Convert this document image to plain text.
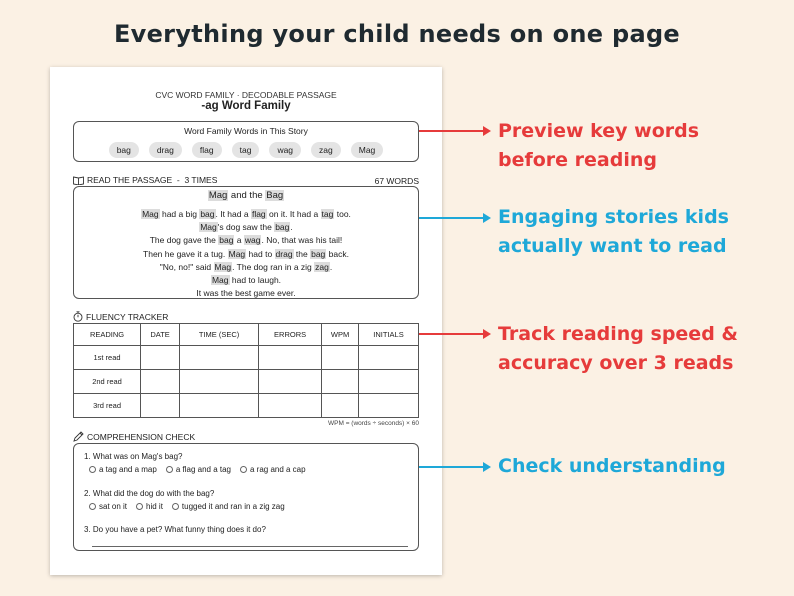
Everything your child needs on one page
CVC WORD FAMILY · DECODABLE PASSAGE
-ag Word Family
Word Family Words in This Story
bag	drag	flag	tag	wag	zag	Mag
READ THE PASSAGE  -  3 TIMES	67 WORDS
Mag and the Bag
Mag had a big bag. It had a flag on it. It had a tag too.
Mag's dog saw the bag.
The dog gave the bag a wag. No, that was his tail!
Then he gave it a tug. Mag had to drag the bag back.
"No, no!" said Mag. The dog ran in a zig zag.
Mag had to laugh.
It was the best game ever.
FLUENCY TRACKER
READING	DATE	TIME (SEC)	ERRORS	WPM	INITIALS
1st read					
2nd read					
3rd read					
WPM = (words ÷ seconds) × 60
COMPREHENSION CHECK
1. What was on Mag's bag?
a tag and a map a flag and a tag a rag and a cap
2. What did the dog do with the bag?
sat on it hid it tugged it and ran in a zig zag
3. Do you have a pet? What funny thing does it do?
Preview key words
before reading
Engaging stories kids
actually want to read
Track reading speed &
accuracy over 3 reads
Check understanding
